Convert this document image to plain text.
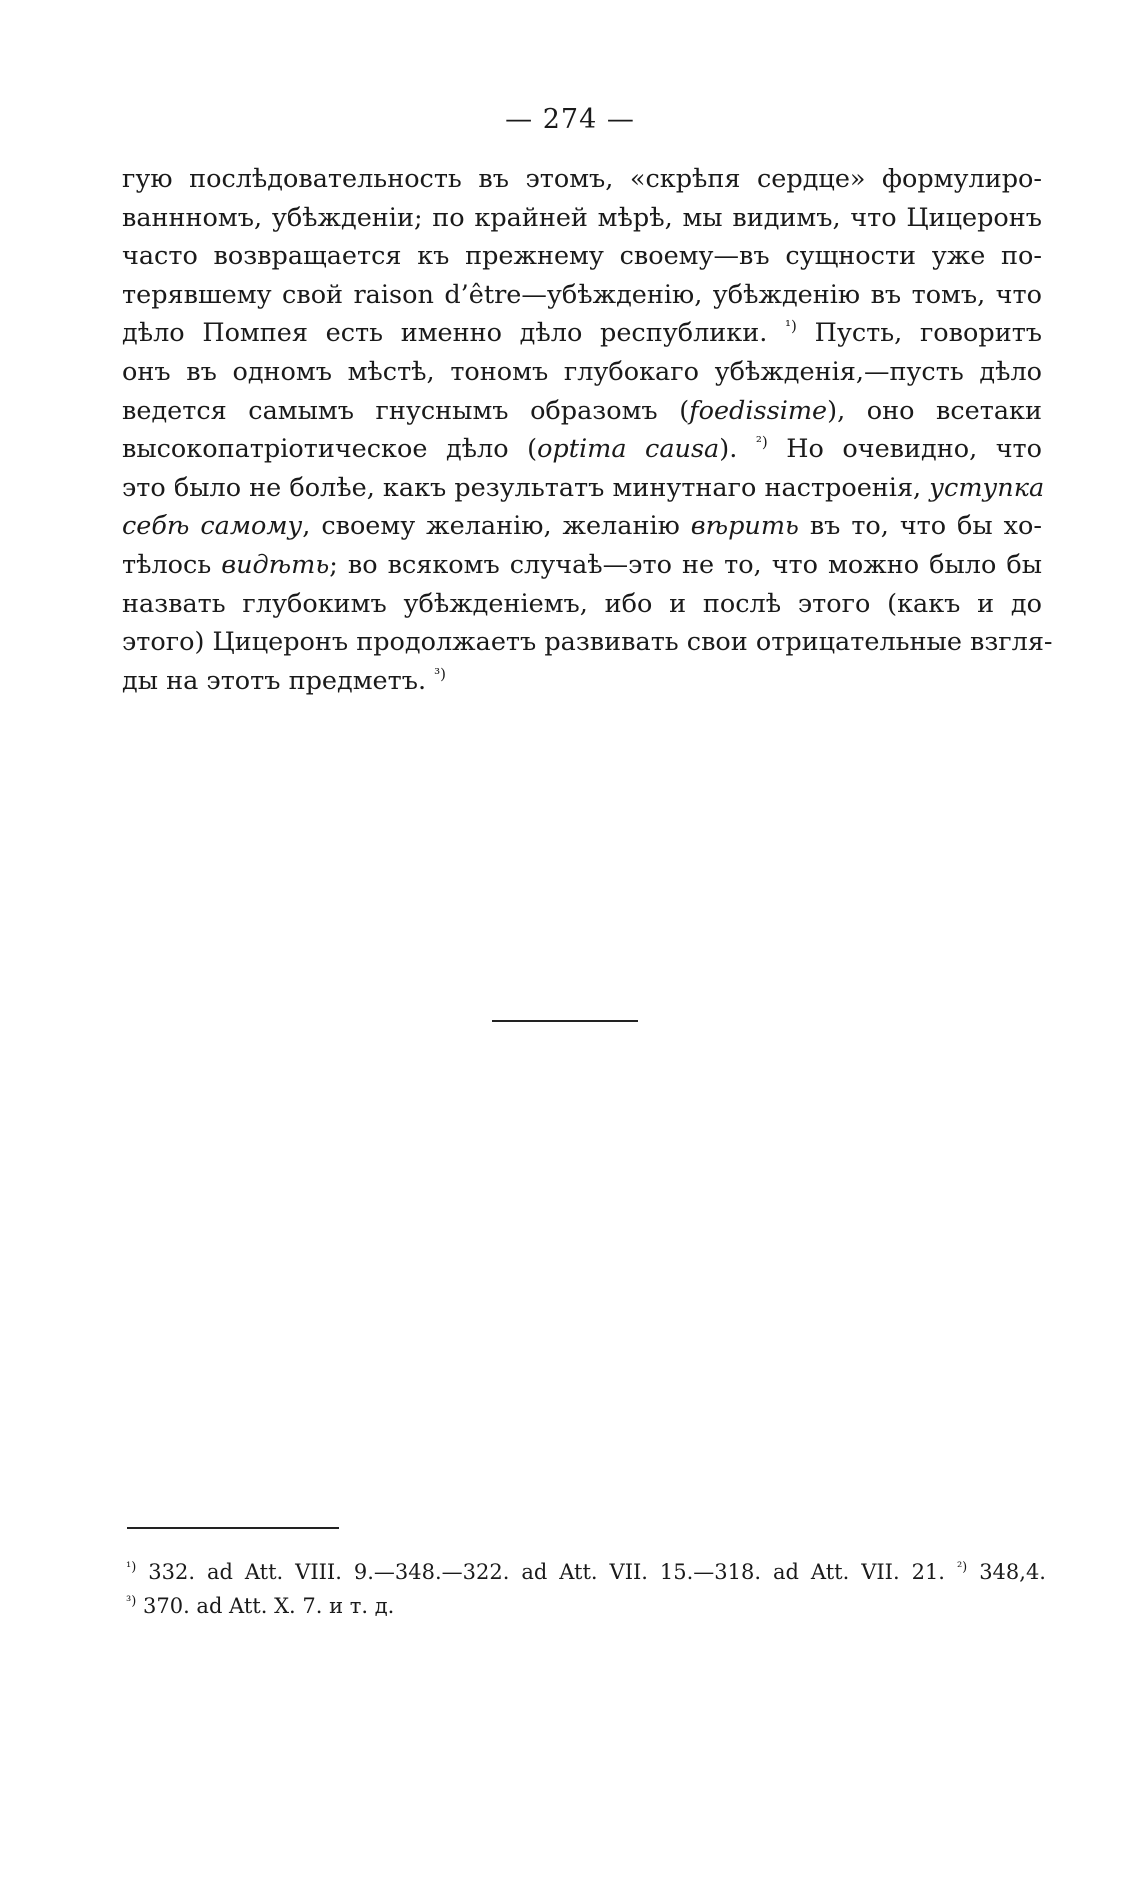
— 274 —
гую послѣдовательность въ этомъ, «скрѣпя сердце» формулиро-
ваннномъ, убѣжденіи; по крайней мѣрѣ, мы видимъ, что Цицеронъ
часто возвращается къ прежнему своему—въ сущности уже по-
терявшему свой raison d’être—убѣжденію, убѣжденію въ томъ, что
дѣло Помпея есть именно дѣло республики. $^{^1)}$ Пусть, говоритъ
онъ въ одномъ мѣстѣ, тономъ глубокаго убѣжденія,—пусть дѣло
ведется самымъ гнуснымъ образомъ (foedissime), оно всетаки
высокопатріотическое дѣло (optima causa). $^{^2)}$ Но очевидно, что
это было не болѣе, какъ результатъ минутнаго настроенія, уступка
себѣ самому, своему желанію, желанію вѣрить въ то, что бы хо-
тѣлось видѣть; во всякомъ случаѣ—это не то, что можно было бы
назвать глубокимъ убѣжденіемъ, ибо и послѣ этого (какъ и до
этого) Цицеронъ продолжаетъ развивать свои отрицательные взгля-
ды на этотъ предметъ. $^{^3)}$
$^{^1)}$ 332. ad Att. VIII. 9.—348.—322. ad Att. VII. 15.—318. ad Att. VII. 21. $^{^2)}$ 348,4.
$^{^3)}$ 370. ad Att. X. 7. и т. д.
